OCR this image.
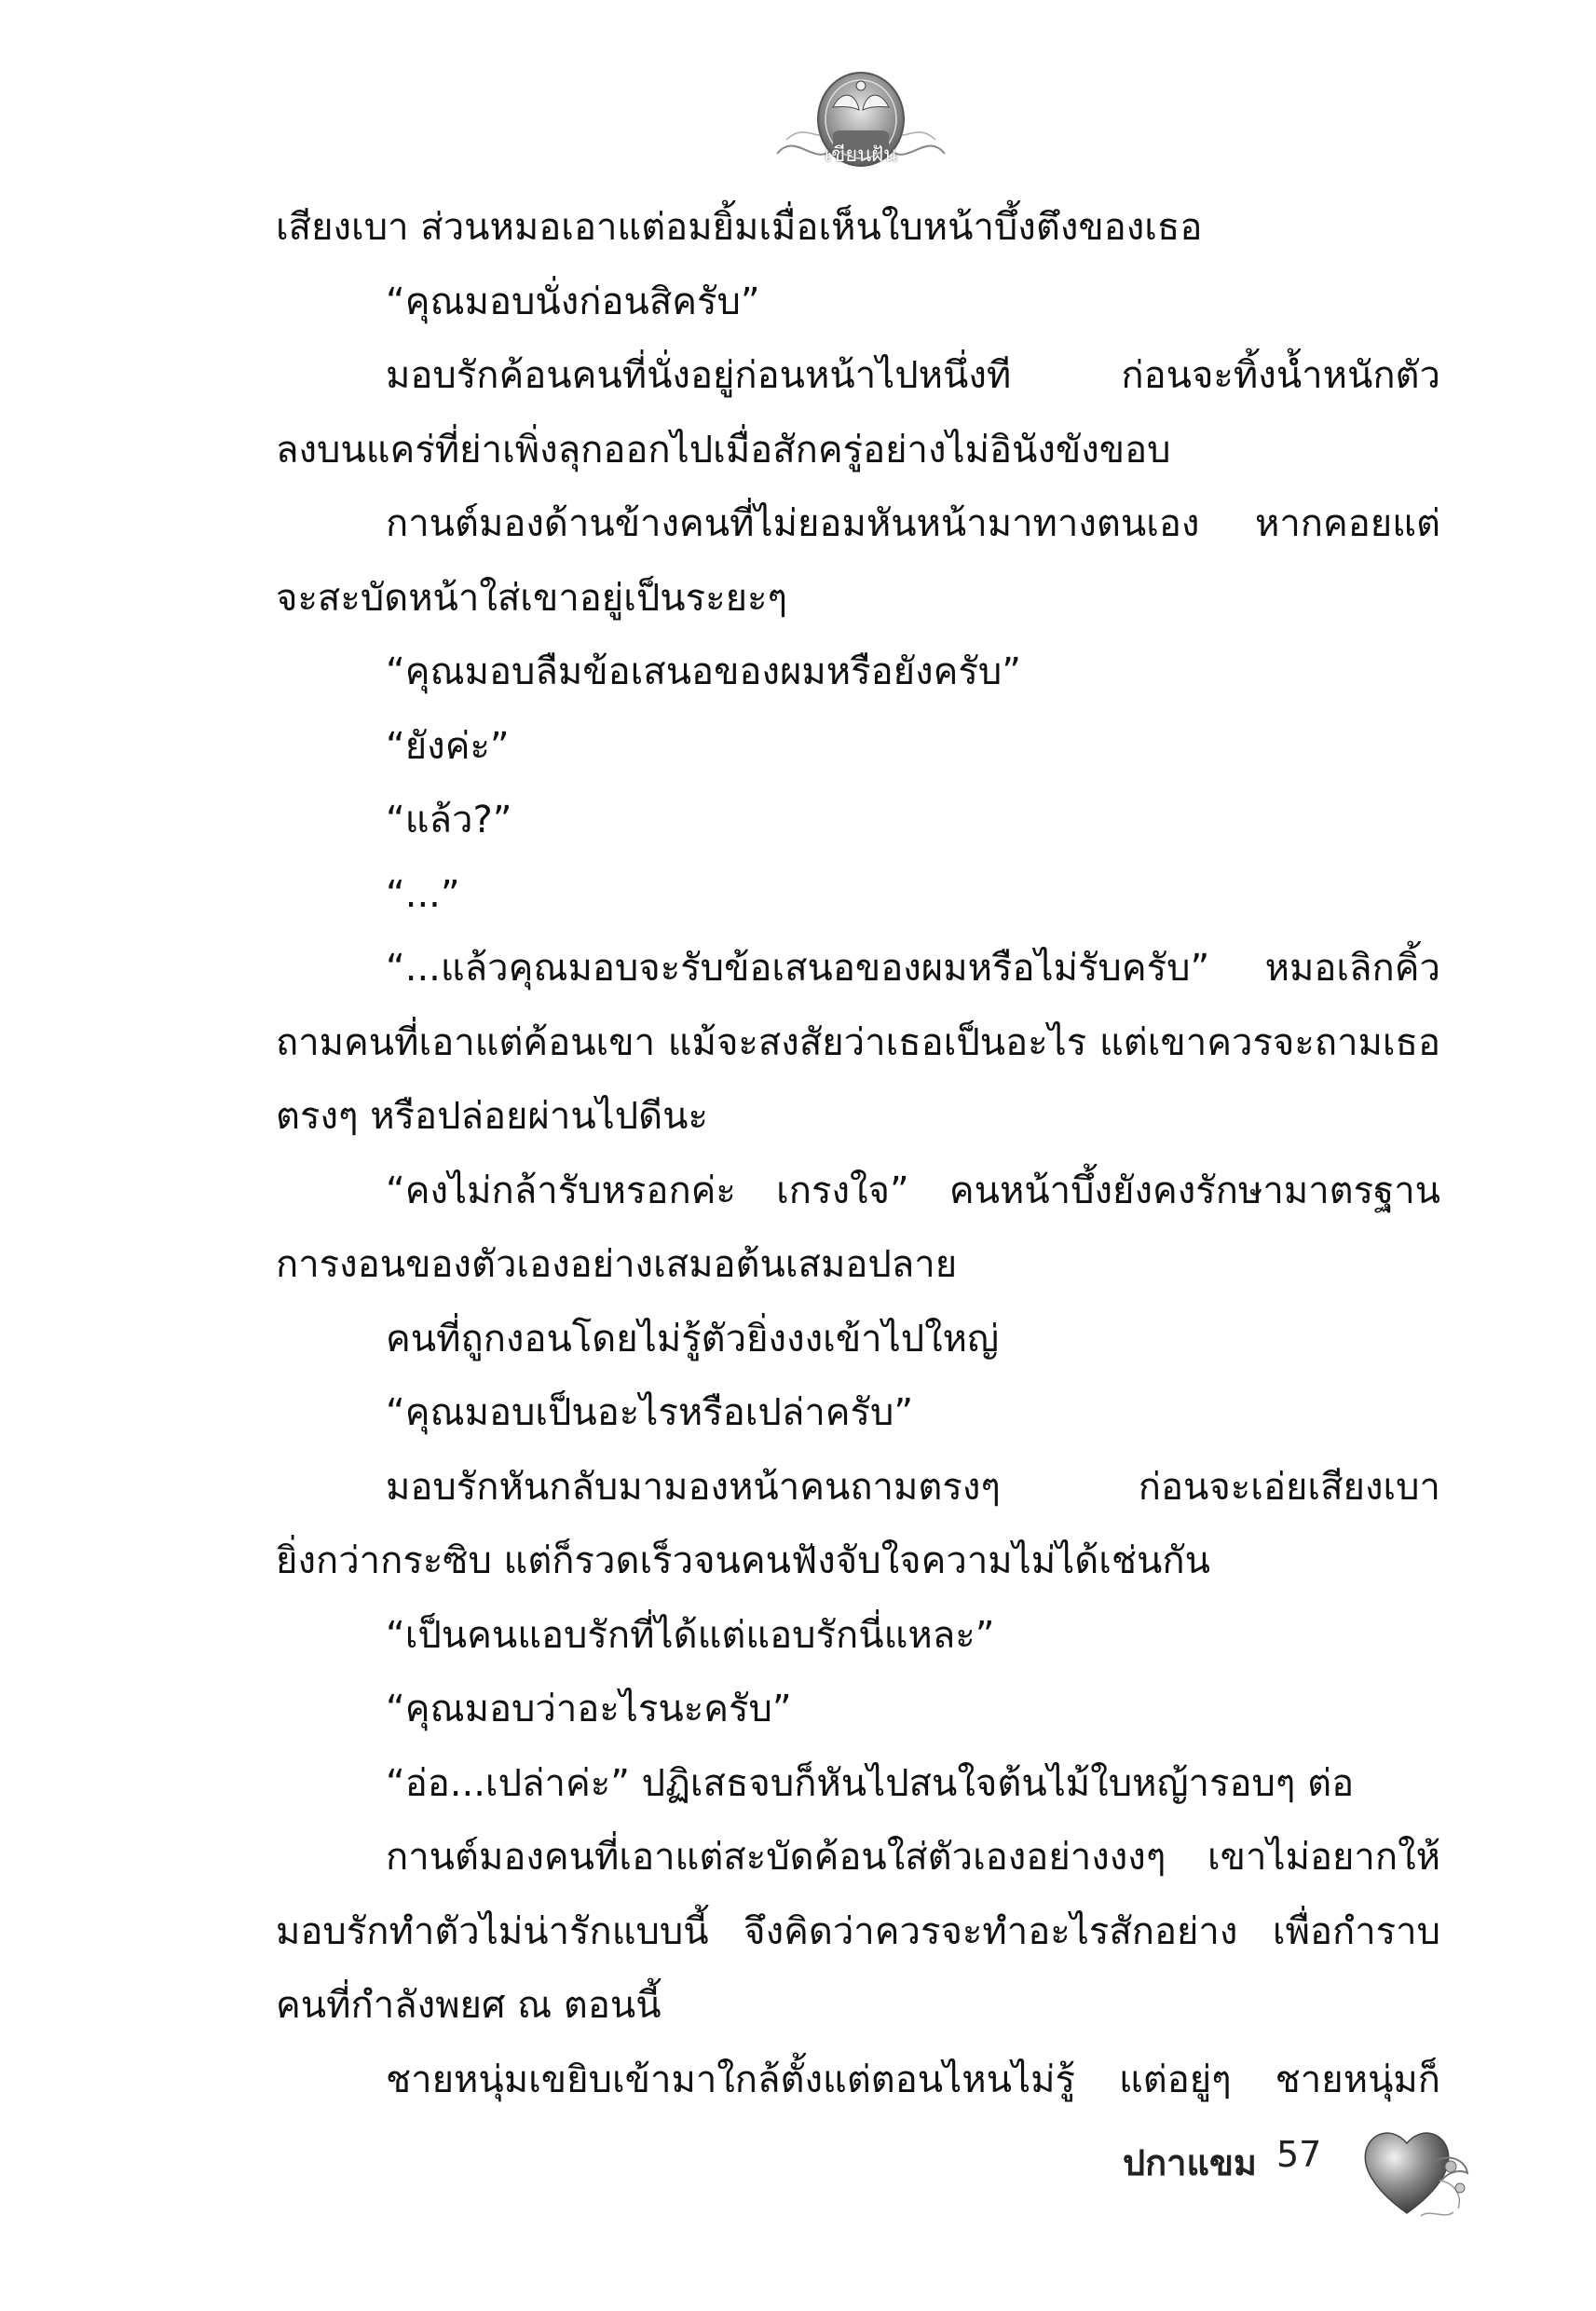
เขียนฝัน
เสียงเบา ส่วนหมอเอาแต่อมยิ้มเมื่อเห็นใบหน้าบึ้งตึงของเธอ
“คุณมอบนั่งก่อนสิครับ”
มอบรักค้อนคนที่นั่งอยู่ก่อนหน้าไปหนึ่งที ก่อนจะทิ้งน้ำหนักตัว
ลงบนแคร่ที่ย่าเพิ่งลุกออกไปเมื่อสักครู่อย่างไม่อินังขังขอบ
กานต์มองด้านข้างคนที่ไม่ยอมหันหน้ามาทางตนเอง หากคอยแต่
จะสะบัดหน้าใส่เขาอยู่เป็นระยะๆ
“คุณมอบลืมข้อเสนอของผมหรือยังครับ”
“ยังค่ะ”
“แล้ว?”
“...”
“...แล้วคุณมอบจะรับข้อเสนอของผมหรือไม่รับครับ” หมอเลิกคิ้ว
ถามคนที่เอาแต่ค้อนเขา แม้จะสงสัยว่าเธอเป็นอะไร แต่เขาควรจะถามเธอ
ตรงๆ หรือปล่อยผ่านไปดีนะ
“คงไม่กล้ารับหรอกค่ะ เกรงใจ” คนหน้าบึ้งยังคงรักษามาตรฐาน
การงอนของตัวเองอย่างเสมอต้นเสมอปลาย
คนที่ถูกงอนโดยไม่รู้ตัวยิ่งงงเข้าไปใหญ่
“คุณมอบเป็นอะไรหรือเปล่าครับ”
มอบรักหันกลับมามองหน้าคนถามตรงๆ ก่อนจะเอ่ยเสียงเบา
ยิ่งกว่ากระซิบ แต่ก็รวดเร็วจนคนฟังจับใจความไม่ได้เช่นกัน
“เป็นคนแอบรักที่ได้แต่แอบรักนี่แหละ”
“คุณมอบว่าอะไรนะครับ”
“อ่อ...เปล่าค่ะ” ปฏิเสธจบก็หันไปสนใจต้นไม้ใบหญ้ารอบๆ ต่อ
กานต์มองคนที่เอาแต่สะบัดค้อนใส่ตัวเองอย่างงงๆ เขาไม่อยากให้
มอบรักทำตัวไม่น่ารักแบบนี้ จึงคิดว่าควรจะทำอะไรสักอย่าง เพื่อกำราบ
คนที่กำลังพยศ ณ ตอนนี้
ชายหนุ่มเขยิบเข้ามาใกล้ตั้งแต่ตอนไหนไม่รู้ แต่อยู่ๆ ชายหนุ่มก็
ปกาแขม 57
